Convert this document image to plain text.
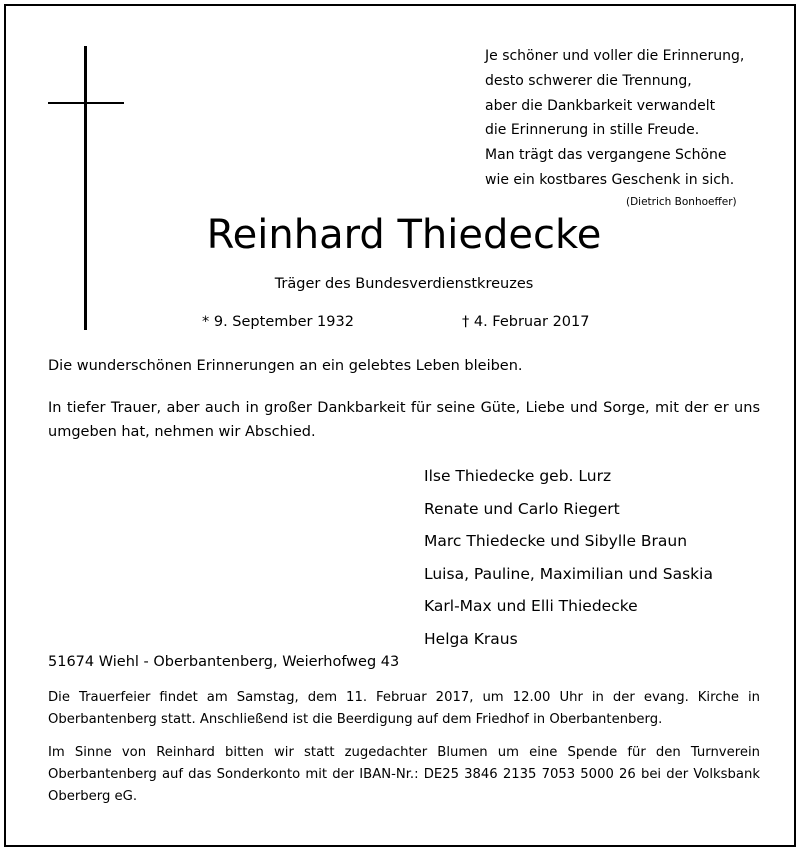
Je schöner und voller die Erinnerung,
desto schwerer die Trennung,
aber die Dankbarkeit verwandelt
die Erinnerung in stille Freude.
Man trägt das vergangene Schöne
wie ein kostbares Geschenk in sich.
(Dietrich Bonhoeffer)
Reinhard Thiedecke
Träger des Bundesverdienstkreuzes
* 9. September 1932	† 4. Februar 2017
Die wunderschönen Erinnerungen an ein gelebtes Leben bleiben.
In tiefer Trauer, aber auch in großer Dankbarkeit für seine Güte, Liebe und Sorge, mit der er uns umgeben hat, nehmen wir Abschied.
Ilse Thiedecke geb. Lurz
Renate und Carlo Riegert
Marc Thiedecke und Sibylle Braun
Luisa, Pauline, Maximilian und Saskia
Karl-Max und Elli Thiedecke
Helga Kraus
51674 Wiehl - Oberbantenberg, Weierhofweg 43
Die Trauerfeier findet am Samstag, dem 11. Februar 2017, um 12.00 Uhr in der evang. Kirche in Oberbantenberg statt. Anschließend ist die Beerdigung auf dem Friedhof in Oberbantenberg.
Im Sinne von Reinhard bitten wir statt zugedachter Blumen um eine Spende für den Turnverein Oberbantenberg auf das Sonderkonto mit der IBAN-Nr.: DE25 3846 2135 7053 5000 26 bei der Volksbank Oberberg eG.
